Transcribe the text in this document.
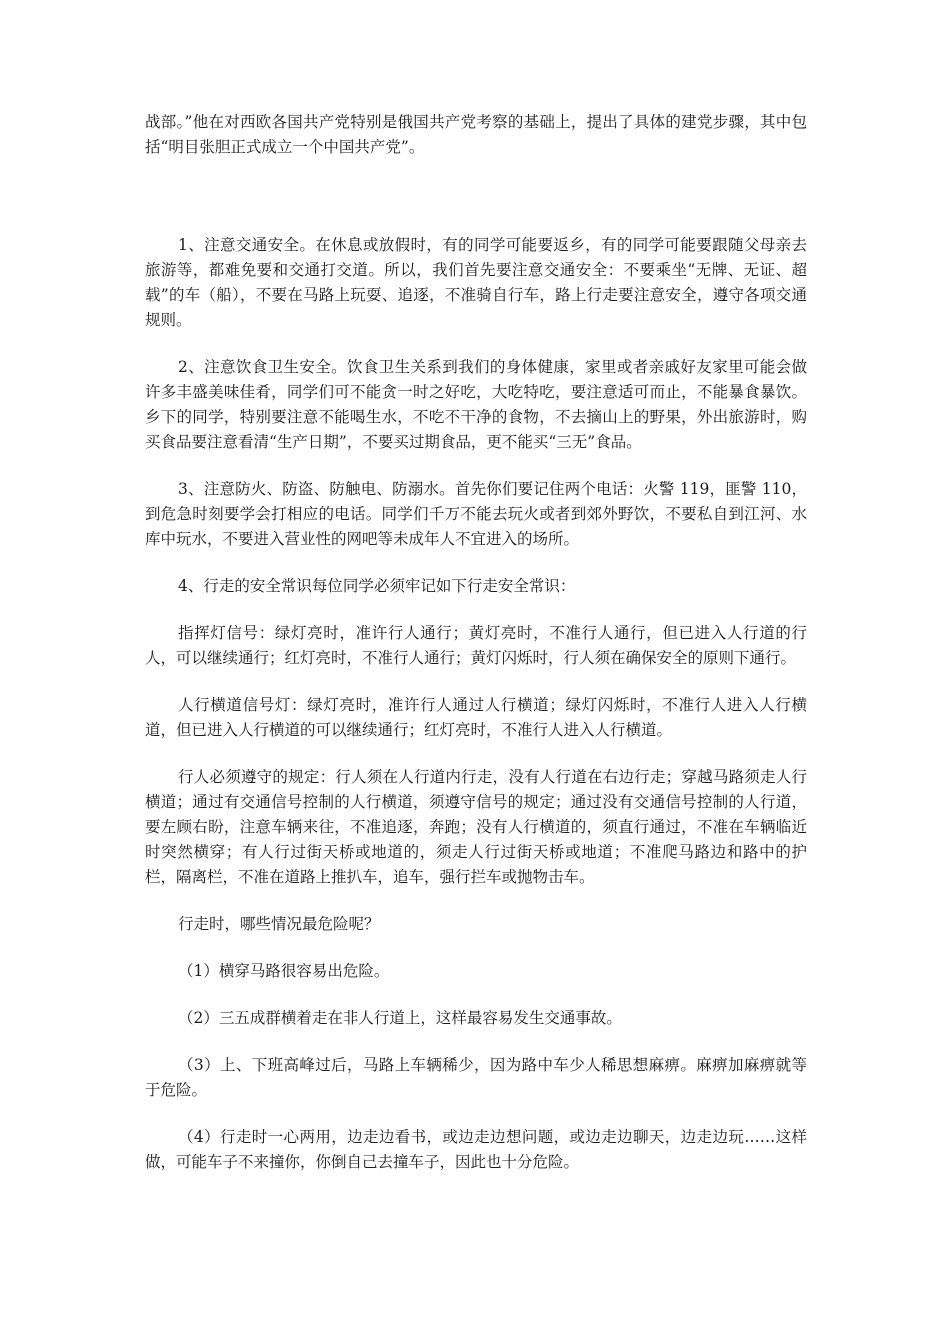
战部。”他在对西欧各国共产党特别是俄国共产党考察的基础上，提出了具体的建党步骤，其中包括“明目张胆正式成立一个中国共产党”。

1、注意交通安全。在休息或放假时，有的同学可能要返乡，有的同学可能要跟随父母亲去旅游等，都难免要和交通打交道。所以，我们首先要注意交通安全：不要乘坐“无牌、无证、超载”的车（船），不要在马路上玩耍、追逐，不准骑自行车，路上行走要注意安全，遵守各项交通规则。

2、注意饮食卫生安全。饮食卫生关系到我们的身体健康，家里或者亲戚好友家里可能会做许多丰盛美味佳肴，同学们可不能贪一时之好吃，大吃特吃，要注意适可而止，不能暴食暴饮。乡下的同学，特别要注意不能喝生水，不吃不干净的食物，不去摘山上的野果，外出旅游时，购买食品要注意看清“生产日期”，不要买过期食品，更不能买“三无”食品。

3、注意防火、防盗、防触电、防溺水。首先你们要记住两个电话：火警 119，匪警 110，到危急时刻要学会打相应的电话。同学们千万不能去玩火或者到郊外野饮，不要私自到江河、水库中玩水，不要进入营业性的网吧等未成年人不宜进入的场所。

4、行走的安全常识每位同学必须牢记如下行走安全常识：

指挥灯信号：绿灯亮时，准许行人通行；黄灯亮时，不准行人通行，但已进入人行道的行人，可以继续通行；红灯亮时，不准行人通行；黄灯闪烁时，行人须在确保安全的原则下通行。

人行横道信号灯：绿灯亮时，准许行人通过人行横道；绿灯闪烁时，不准行人进入人行横道，但已进入人行横道的可以继续通行；红灯亮时，不准行人进入人行横道。

行人必须遵守的规定：行人须在人行道内行走，没有人行道在右边行走；穿越马路须走人行横道；通过有交通信号控制的人行横道，须遵守信号的规定；通过没有交通信号控制的人行道，要左顾右盼，注意车辆来往，不准追逐，奔跑；没有人行横道的，须直行通过，不准在车辆临近时突然横穿；有人行过街天桥或地道的，须走人行过街天桥或地道；不准爬马路边和路中的护栏，隔离栏，不准在道路上推扒车，追车，强行拦车或抛物击车。

行走时，哪些情况最危险呢？

（1）横穿马路很容易出危险。

（2）三五成群横着走在非人行道上，这样最容易发生交通事故。

（3）上、下班高峰过后，马路上车辆稀少，因为路中车少人稀思想麻痹。麻痹加麻痹就等于危险。

（4）行走时一心两用，边走边看书，或边走边想问题，或边走边聊天，边走边玩……这样做，可能车子不来撞你，你倒自己去撞车子，因此也十分危险。
